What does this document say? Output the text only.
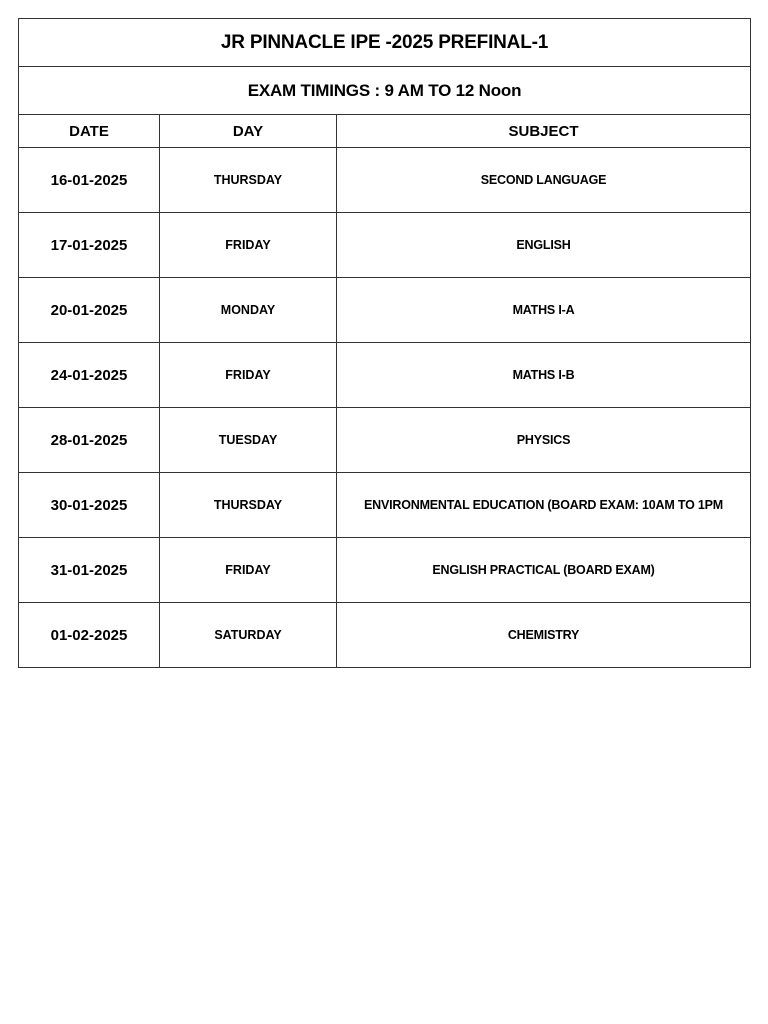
JR PINNACLE IPE -2025 PREFINAL-1		
EXAM TIMINGS : 9 AM TO 12 Noon		
DATE	DAY	SUBJECT
16-01-2025	THURSDAY	SECOND LANGUAGE
17-01-2025	FRIDAY	ENGLISH
20-01-2025	MONDAY	MATHS I-A
24-01-2025	FRIDAY	MATHS I-B
28-01-2025	TUESDAY	PHYSICS
30-01-2025	THURSDAY	ENVIRONMENTAL EDUCATION (BOARD EXAM: 10AM TO 1PM
31-01-2025	FRIDAY	ENGLISH PRACTICAL (BOARD EXAM)
01-02-2025	SATURDAY	CHEMISTRY
